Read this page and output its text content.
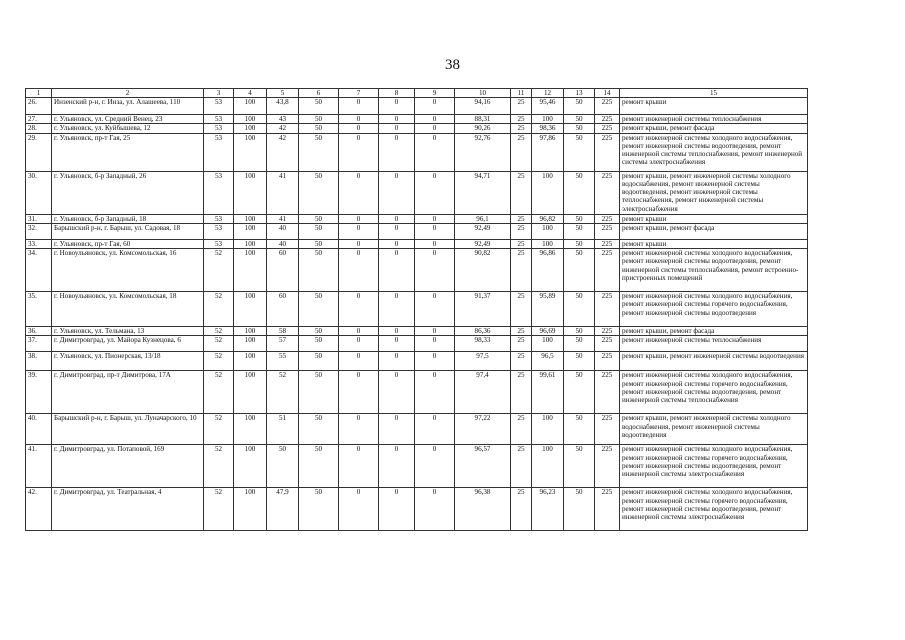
38
1	2	3	4	5	6	7	8	9	10	11	12	13	14	15
26.	Инзенский р-н, г. Инза, ул. Алашеева, 110	53	100	43,8	50	0	0	0	94,16	25	95,46	50	225	ремонт крыши
27.	г. Ульяновск, ул. Средний Венец, 23	53	100	43	50	0	0	0	88,31	25	100	50	225	ремонт инженерной системы теплоснабжения
28.	г. Ульяновск, ул. Куйбышева, 12	53	100	42	50	0	0	0	90,26	25	98,36	50	225	ремонт крыши, ремонт фасада
29.	г. Ульяновск, пр-т Гая, 25	53	100	42	50	0	0	0	92,76	25	97,86	50	225	ремонт инженерной системы холодного водоснабжения, ремонт инженерной системы водоотведения, ремонт инженерной системы теплоснабжения, ремонт инженерной системы электроснабжения
30.	г. Ульяновск, б-р Западный, 26	53	100	41	50	0	0	0	94,71	25	100	50	225	ремонт крыши, ремонт инженерной системы холодного водоснабжения, ремонт инженерной системы водоотведения, ремонт инженерной системы теплоснабжения, ремонт инженерной системы электроснабжения
31.	г. Ульяновск, б-р Западный, 18	53	100	41	50	0	0	0	96,1	25	96,82	50	225	ремонт крыши
32.	Барышский р-н, г. Барыш, ул. Садовая, 18	53	100	40	50	0	0	0	92,49	25	100	50	225	ремонт крыши, ремонт фасада
33.	г. Ульяновск, пр-т Гая, 60	53	100	40	50	0	0	0	92,49	25	100	50	225	ремонт крыши
34.	г. Новоульяновск, ул. Комсомольская, 16	52	100	60	50	0	0	0	90,82	25	96,86	50	225	ремонт инженерной системы холодного водоснабжения, ремонт инженерной системы водоотведения, ремонт инженерной системы теплоснабжения, ремонт встроенно-пристроенных помещений
35.	г. Новоульяновск, ул. Комсомольская, 18	52	100	60	50	0	0	0	91,37	25	95,89	50	225	ремонт инженерной системы холодного водоснабжения, ремонт инженерной системы горячего водоснабжения, ремонт инженерной системы водоотведения
36.	г. Ульяновск, ул. Тельмана, 13	52	100	58	50	0	0	0	86,36	25	96,69	50	225	ремонт крыши, ремонт фасада
37.	г. Димитровград, ул. Майора Кузнецова, 6	52	100	57	50	0	0	0	98,33	25	100	50	225	ремонт инженерной системы теплоснабжения
38.	г. Ульяновск, ул. Пионерская, 13/18	52	100	55	50	0	0	0	97,5	25	96,5	50	225	ремонт крыши, ремонт инженерной системы водоотведения
39.	г. Димитровград, пр-т Димитрова, 17А	52	100	52	50	0	0	0	97,4	25	99,61	50	225	ремонт инженерной системы холодного водоснабжения, ремонт инженерной системы горячего водоснабжения, ремонт инженерной системы водоотведения, ремонт инженерной системы теплоснабжения
40.	Барышский р-н, г. Барыш, ул. Луначарского, 10	52	100	51	50	0	0	0	97,22	25	100	50	225	ремонт крыши, ремонт инженерной системы холодного водоснабжения, ремонт инженерной системы водоотведения
41.	г. Димитровград, ул. Потаповой, 169	52	100	50	50	0	0	0	96,57	25	100	50	225	ремонт инженерной системы холодного водоснабжения, ремонт инженерной системы горячего водоснабжения, ремонт инженерной системы водоотведения, ремонт инженерной системы электроснабжения
42.	г. Димитровград, ул. Театральная, 4	52	100	47,9	50	0	0	0	96,38	25	96,23	50	225	ремонт инженерной системы холодного водоснабжения, ремонт инженерной системы горячего водоснабжения, ремонт инженерной системы водоотведения, ремонт инженерной системы электроснабжения
